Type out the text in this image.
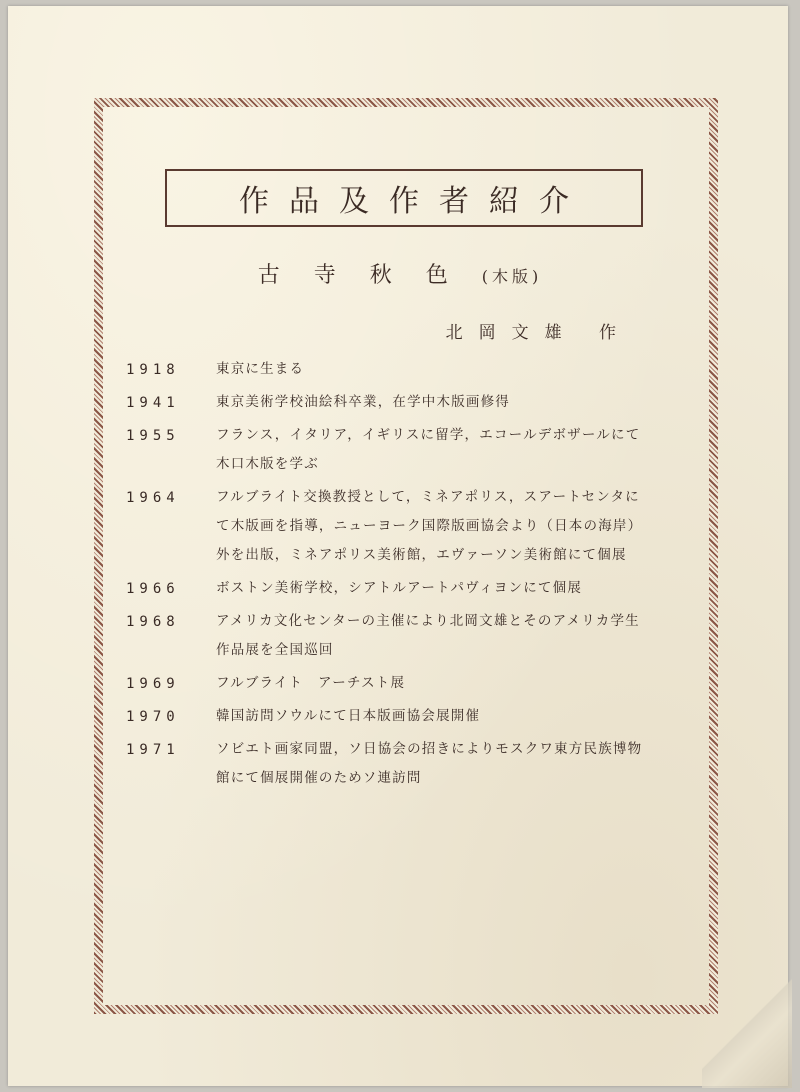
作品及作者紹介
古寺秋色(木版)
北岡文雄 作
1918	東京に生まる
1941	東京美術学校油絵科卒業，在学中木版画修得
1955	フランス，イタリア，イギリスに留学，エコールデボザールにて木口木版を学ぶ
1964	フルブライト交換教授として，ミネアポリス，スアートセンタにて木版画を指導，ニューヨーク国際版画協会より（日本の海岸）外を出版，ミネアポリス美術館，エヴァーソン美術館にて個展
1966	ボストン美術学校，シアトルアートパヴィヨンにて個展
1968	アメリカ文化センターの主催により北岡文雄とそのアメリカ学生作品展を全国巡回
1969	フルブライト　アーチスト展
1970	韓国訪問ソウルにて日本版画協会展開催
1971	ソビエト画家同盟，ソ日協会の招きによりモスクワ東方民族博物館にて個展開催のためソ連訪問
